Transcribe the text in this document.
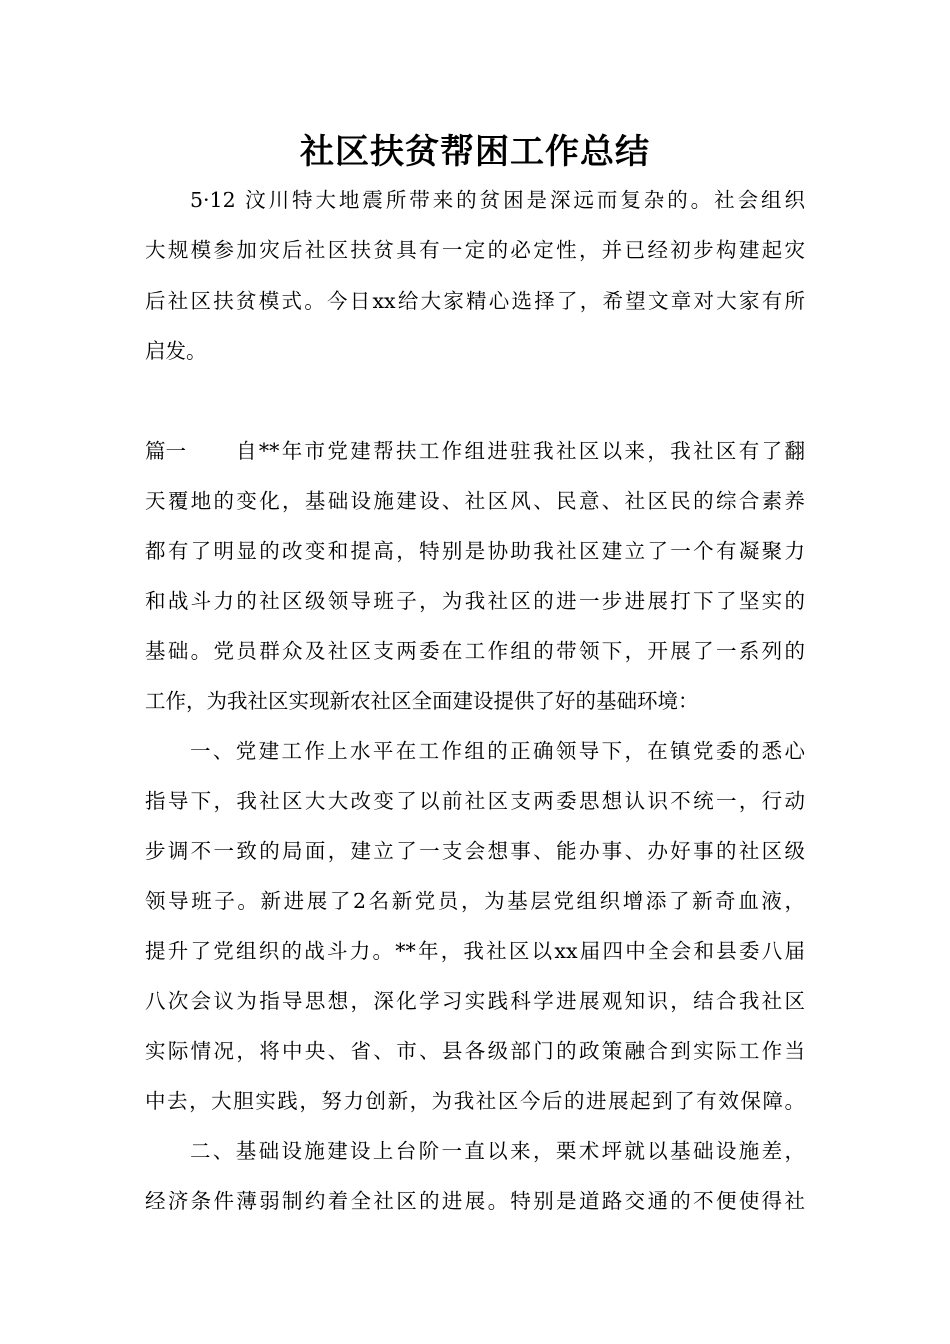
社区扶贫帮困工作总结
5·12 汶川特大地震所带来的贫困是深远而复杂的。社会组织
大规模参加灾后社区扶贫具有一定的必定性，并已经初步构建起灾
后社区扶贫模式。今日xx给大家精心选择了，希望文章对大家有所
启发。
篇一 自**年市党建帮扶工作组进驻我社区以来，我社区有了翻
天覆地的变化，基础设施建设、社区风、民意、社区民的综合素养
都有了明显的改变和提高，特别是协助我社区建立了一个有凝聚力
和战斗力的社区级领导班子，为我社区的进一步进展打下了坚实的
基础。党员群众及社区支两委在工作组的带领下，开展了一系列的
工作，为我社区实现新农社区全面建设提供了好的基础环境：
一、党建工作上水平在工作组的正确领导下，在镇党委的悉心
指导下，我社区大大改变了以前社区支两委思想认识不统一，行动
步调不一致的局面，建立了一支会想事、能办事、办好事的社区级
领导班子。新进展了2名新党员，为基层党组织增添了新奇血液，
提升了党组织的战斗力。**年，我社区以xx届四中全会和县委八届
八次会议为指导思想，深化学习实践科学进展观知识，结合我社区
实际情况，将中央、省、市、县各级部门的政策融合到实际工作当
中去，大胆实践，努力创新，为我社区今后的进展起到了有效保障。
二、基础设施建设上台阶一直以来，栗术坪就以基础设施差，
经济条件薄弱制约着全社区的进展。特别是道路交通的不便使得社
